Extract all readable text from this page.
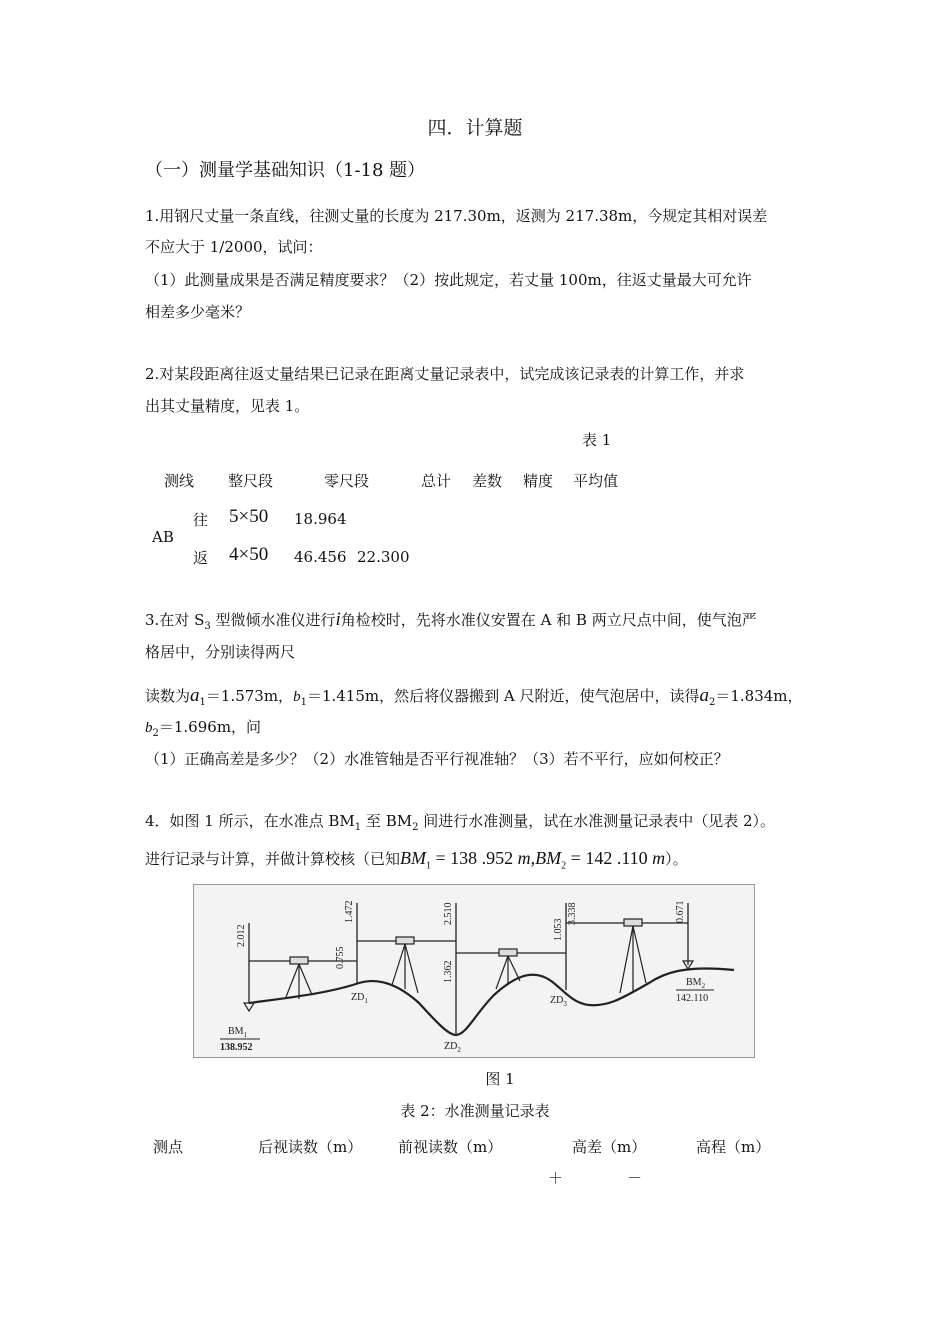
四．计算题
（一）测量学基础知识（1-18 题）
1.用钢尺丈量一条直线，往测丈量的长度为 217.30m，返测为 217.38m，今规定其相对误差
不应大于 1/2000，试问：
（1）此测量成果是否满足精度要求？（2）按此规定，若丈量 100m，往返丈量最大可允许
相差多少毫米？
2.对某段距离往返丈量结果已记录在距离丈量记录表中，试完成该记录表的计算工作，并求
出其丈量精度，见表 1。
表 1
测线 整尺段	零尺段	总计 差数 精度 平均值
AB
往 5×50 18.964
返 4×50 46.456 22.300
3.在对 $S_3$ 型微倾水准仪进行i角检校时，先将水准仪安置在 A 和 B 两立尺点中间，使气泡严
格居中，分别读得两尺
读数为$a_1=1.573m$，$b_1=1.415m$，然后将仪器搬到 A 尺附近，使气泡居中，读得$a_2=1.834m$，
$b_2=1.696m$，问
（1）正确高差是多少？（2）水准管轴是否平行视准轴？（3）若不平行，应如何校正？
4．如图 1 所示，在水准点 $BM_1$ 至 $BM_2$ 间进行水准测量，试在水准测量记录表中（见表 2）。
进行记录与计算，并做计算校核（已知$BM_1 = 138$ .952 $m,BM_2 = 142$ .110 m）。
2.012
1.472
0.755
2.510
1.362
1.053
3.338	0.671
$ZD_1$
$ZD_2$
$ZD_3$
$BM_1$
138.952
$BM_2$
142.110
图 1
表 2：水准测量记录表
测点	后视读数（m） 前视读数（m）	高差（m）	高程（m）
＋	－
